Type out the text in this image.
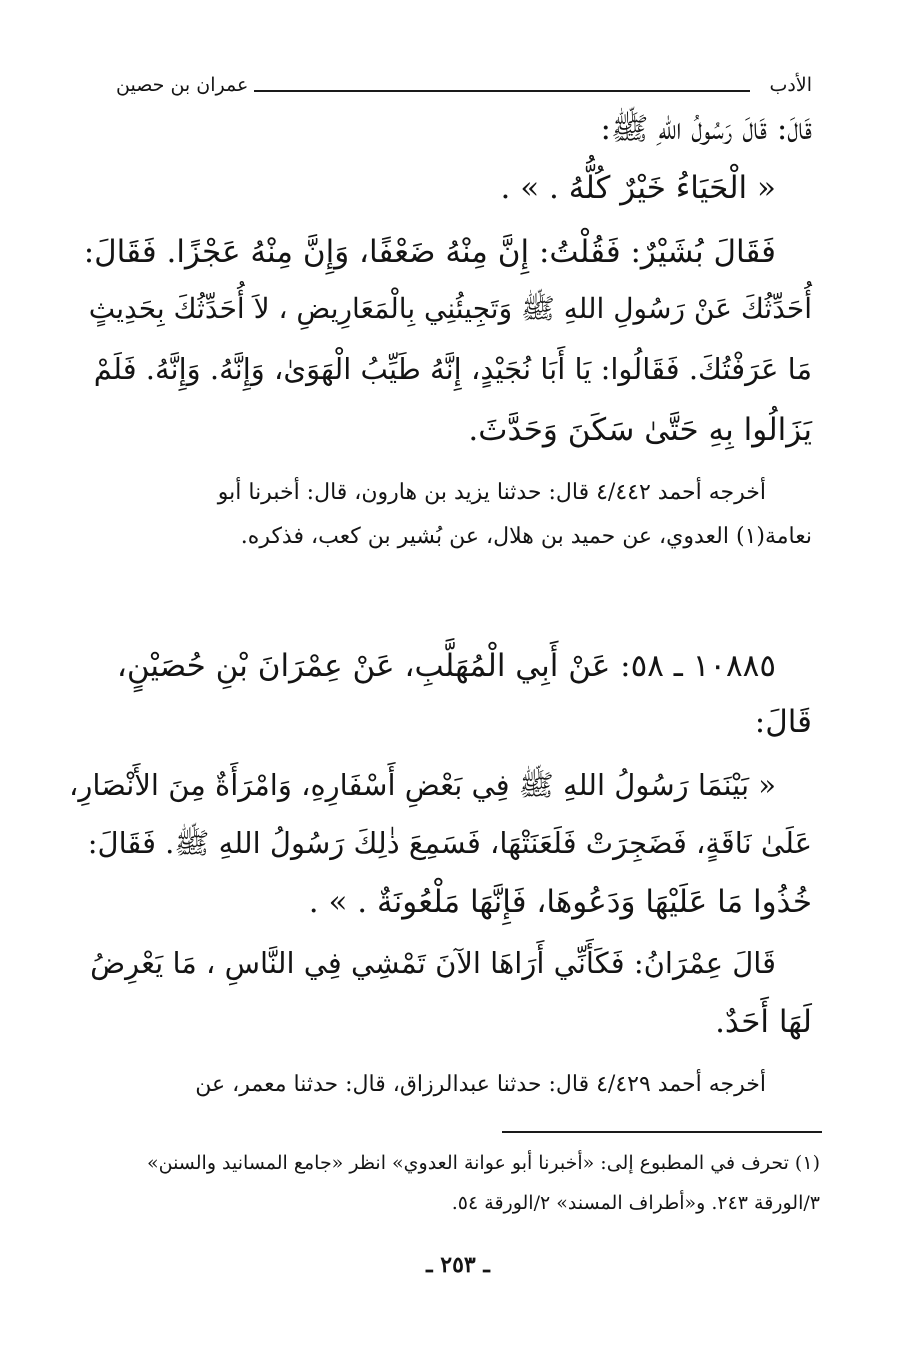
عمران بن حصين	الأدب
قَالَ: قَالَ رَسُولُ اللهِ ﷺ:
« الْحَيَاءُ خَيْرٌ كُلُّهُ . » .
فَقَالَ بُشَيْرٌ: فَقُلْتُ: إِنَّ مِنْهُ ضَعْفًا، وَإِنَّ مِنْهُ عَجْزًا. فَقَالَ:
أُحَدِّثُكَ عَنْ رَسُولِ اللهِ ﷺ وَتَجِيئُنِي بِالْمَعَارِيضِ ، لاَ أُحَدِّثُكَ بِحَدِيثٍ
مَا عَرَفْتُكَ. فَقَالُوا: يَا أَبَا نُجَيْدٍ، إِنَّهُ طَيِّبُ الْهَوَىٰ، وَإِنَّهُ. وَإِنَّهُ. فَلَمْ
يَزَالُوا بِهِ حَتَّىٰ سَكَنَ وَحَدَّثَ.
أخرجه أحمد ٤/٤٤٢ قال: حدثنا يزيد بن هارون، قال: أخبرنا أبو
نعامة(١) العدوي، عن حميد بن هلال، عن بُشير بن كعب، فذكره.
١٠٨٨٥ ـ ٥٨: عَنْ أَبِي الْمُهَلَّبِ، عَنْ عِمْرَانَ بْنِ حُصَيْنٍ،
قَالَ:
« بَيْنَمَا رَسُولُ اللهِ ﷺ فِي بَعْضِ أَسْفَارِهِ، وَامْرَأَةٌ مِنَ الأَنْصَارِ،
عَلَىٰ نَاقَةٍ، فَضَجِرَتْ فَلَعَنَتْهَا، فَسَمِعَ ذٰلِكَ رَسُولُ اللهِ ﷺ. فَقَالَ:
خُذُوا مَا عَلَيْهَا وَدَعُوهَا، فَإِنَّهَا مَلْعُونَةٌ . » .
قَالَ عِمْرَانُ: فَكَأَنِّي أَرَاهَا الآنَ تَمْشِي فِي النَّاسِ ، مَا يَعْرِضُ
لَهَا أَحَدٌ.
أخرجه أحمد ٤/٤٢٩ قال: حدثنا عبدالرزاق، قال: حدثنا معمر، عن
(١) تحرف في المطبوع إلى: «أخبرنا أبو عوانة العدوي» انظر «جامع المسانيد والسنن»
٣/الورقة ٢٤٣. و«أطراف المسند» ٢/الورقة ٥٤.
ـ ٢٥٣ ـ
